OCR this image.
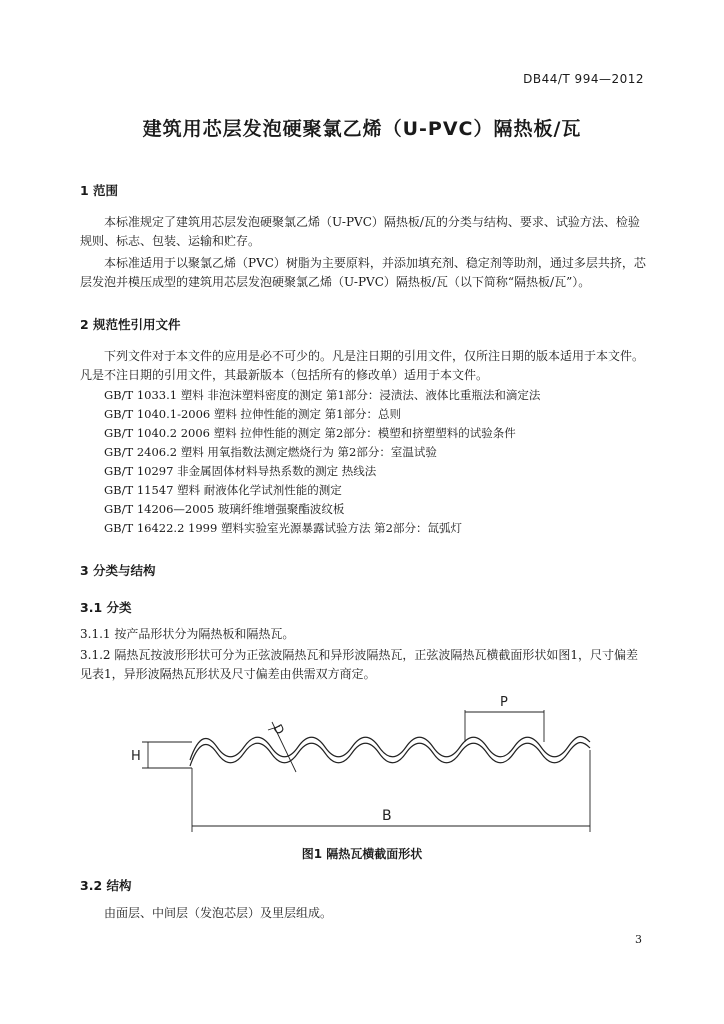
DB44/T 994—2012
建筑用芯层发泡硬聚氯乙烯（U-PVC）隔热板/瓦
1 范围
本标准规定了建筑用芯层发泡硬聚氯乙烯（U-PVC）隔热板/瓦的分类与结构、要求、试验方法、检验规则、标志、包装、运输和贮存。
本标准适用于以聚氯乙烯（PVC）树脂为主要原料，并添加填充剂、稳定剂等助剂，通过多层共挤，芯层发泡并模压成型的建筑用芯层发泡硬聚氯乙烯（U-PVC）隔热板/瓦（以下简称“隔热板/瓦”）。
2 规范性引用文件
下列文件对于本文件的应用是必不可少的。凡是注日期的引用文件，仅所注日期的版本适用于本文件。凡是不注日期的引用文件，其最新版本（包括所有的修改单）适用于本文件。
GB/T 1033.1 塑料 非泡沫塑料密度的测定 第1部分：浸渍法、液体比重瓶法和滴定法
GB/T 1040.1-2006 塑料 拉伸性能的测定 第1部分：总则
GB/T 1040.2 2006 塑料 拉伸性能的测定 第2部分：模塑和挤塑塑料的试验条件
GB/T 2406.2 塑料 用氧指数法测定燃烧行为 第2部分：室温试验
GB/T 10297 非金属固体材料导热系数的测定 热线法
GB/T 11547 塑料 耐液体化学试剂性能的测定
GB/T 14206—2005 玻璃纤维增强聚酯波纹板
GB/T 16422.2 1999 塑料实验室光源暴露试验方法 第2部分：氙弧灯
3 分类与结构
3.1 分类
3.1.1 按产品形状分为隔热板和隔热瓦。
3.1.2 隔热瓦按波形形状可分为正弦波隔热瓦和异形波隔热瓦，正弦波隔热瓦横截面形状如图1，尺寸偏差见表1，异形波隔热瓦形状及尺寸偏差由供需双方商定。
H
D
P
B
图1 隔热瓦横截面形状
3.2 结构
由面层、中间层（发泡芯层）及里层组成。
3
